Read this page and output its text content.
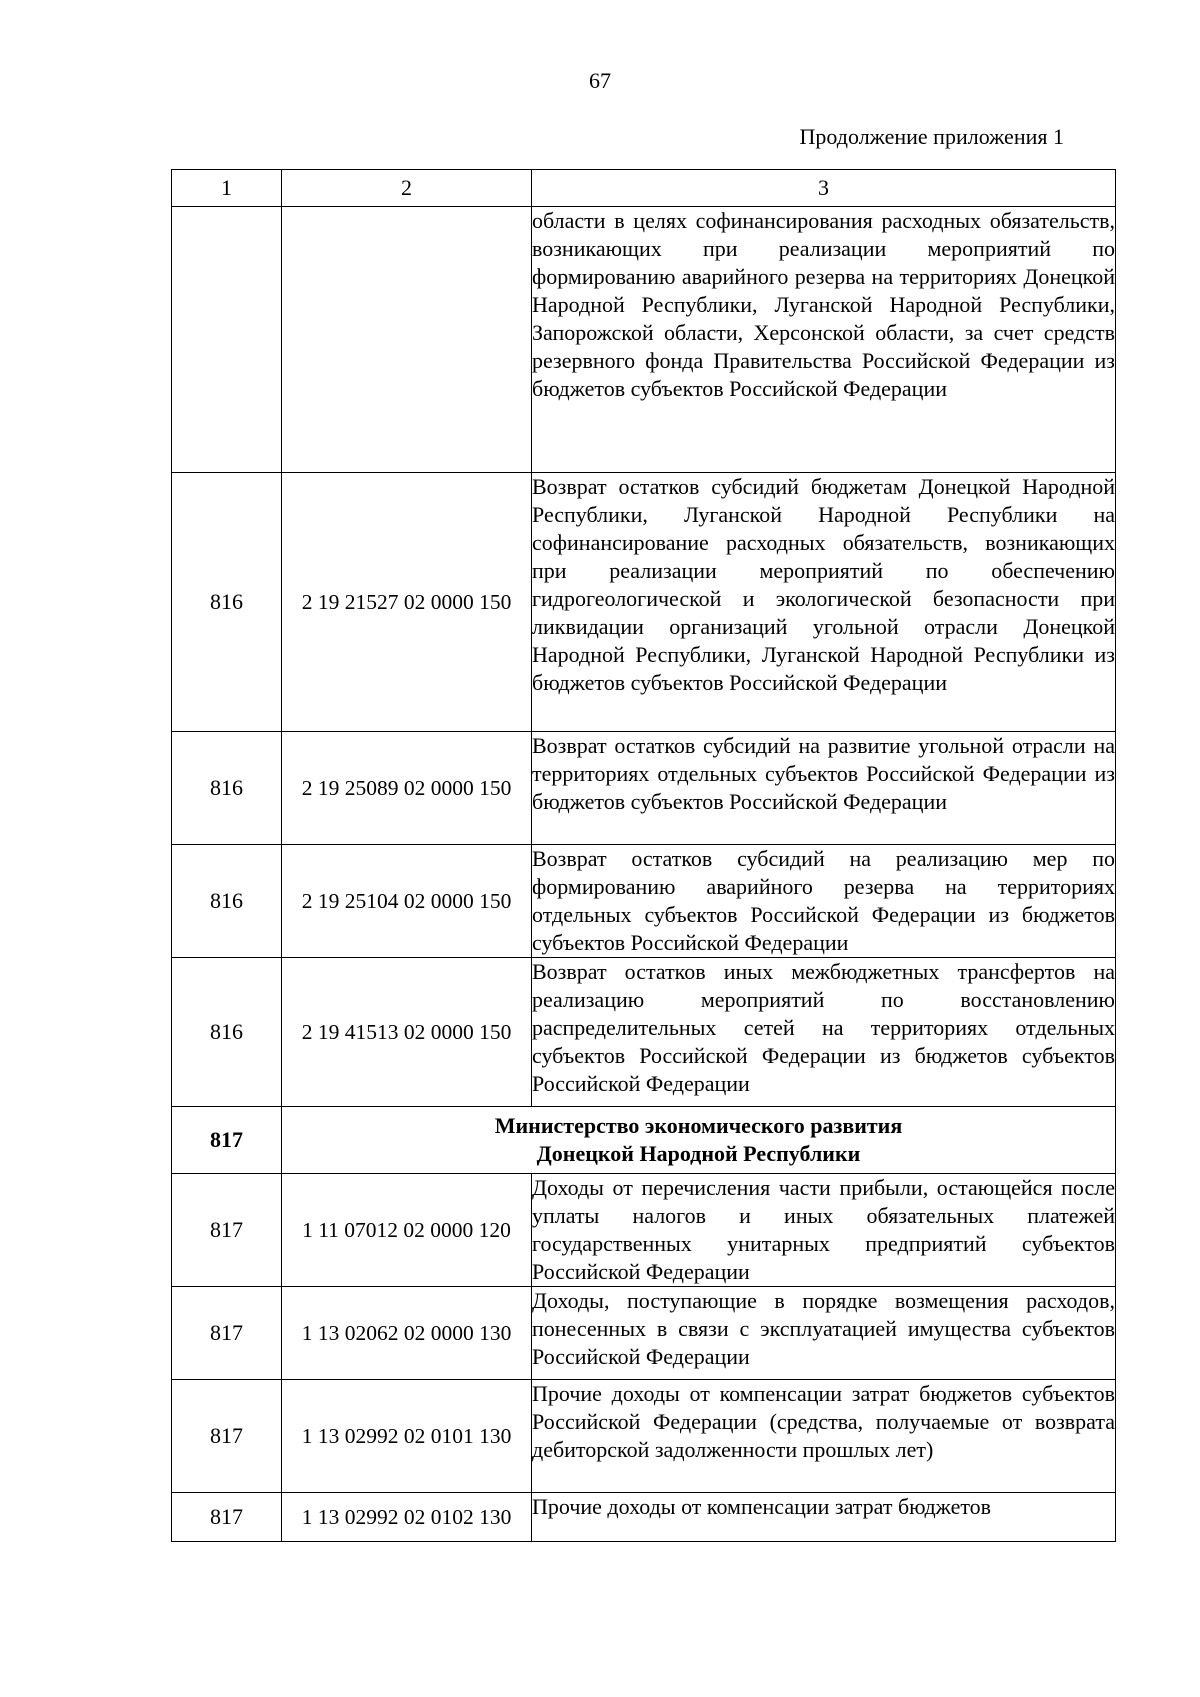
67
Продолжение приложения 1
1	2	3
		области в целях софинансирования расходных обязательств, возникающих при реализации мероприятий по формированию аварийного резерва на территориях Донецкой Народной Республики, Луганской Народной Республики, Запорожской области, Херсонской области, за счет средств резервного фонда Правительства Российской Федерации из бюджетов субъектов Российской Федерации
816	2 19 21527 02 0000 150	Возврат остатков субсидий бюджетам Донецкой Народной Республики, Луганской Народной Республики на софинансирование расходных обязательств, возникающих при реализации мероприятий по обеспечению гидрогеологической и экологической безопасности при ликвидации организаций угольной отрасли Донецкой Народной Республики, Луганской Народной Республики из бюджетов субъектов Российской Федерации
816	2 19 25089 02 0000 150	Возврат остатков субсидий на развитие угольной отрасли на территориях отдельных субъектов Российской Федерации из бюджетов субъектов Российской Федерации
816	2 19 25104 02 0000 150	Возврат остатков субсидий на реализацию мер по формированию аварийного резерва на территориях отдельных субъектов Российской Федерации из бюджетов субъектов Российской Федерации
816	2 19 41513 02 0000 150	Возврат остатков иных межбюджетных трансфертов на реализацию мероприятий по восстановлению распределительных сетей на территориях отдельных субъектов Российской Федерации из бюджетов субъектов Российской Федерации
817	Министерство экономического развития
Донецкой Народной Республики	

817	1 11 07012 02 0000 120	Доходы от перечисления части прибыли, остающейся после уплаты налогов и иных обязательных платежей государственных унитарных предприятий субъектов Российской Федерации
817	1 13 02062 02 0000 130	Доходы, поступающие в порядке возмещения расходов, понесенных в связи с эксплуатацией имущества субъектов Российской Федерации
817	1 13 02992 02 0101 130	Прочие доходы от компенсации затрат бюджетов субъектов Российской Федерации (средства, получаемые от возврата дебиторской задолженности прошлых лет)
817	1 13 02992 02 0102 130	Прочие доходы от компенсации затрат бюджетов
